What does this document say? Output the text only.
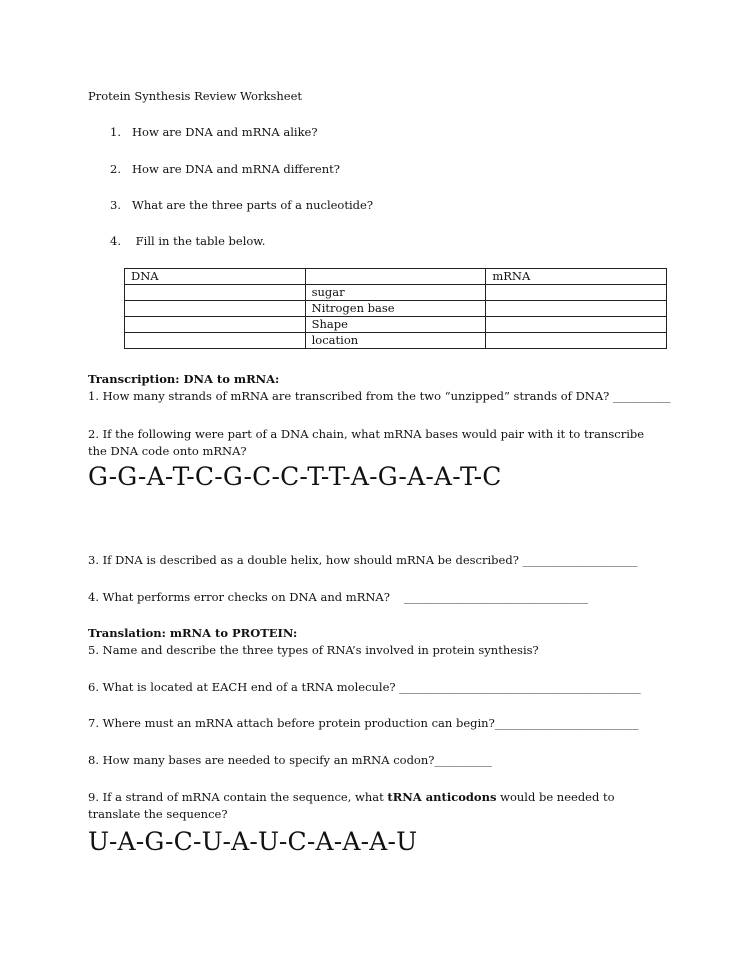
Protein Synthesis Review Worksheet
1. How are DNA and mRNA alike?
2. How are DNA and mRNA different?
3. What are the three parts of a nucleotide?
4. Fill in the table below.
DNA		mRNA
	sugar	
	Nitrogen base	
	Shape	
	location	
Transcription: DNA to mRNA:
1. How many strands of mRNA are transcribed from the two “unzipped” strands of DNA? __________
2. If the following were part of a DNA chain, what mRNA bases would pair with it to transcribe the DNA code onto mRNA?
G-G-A-T-C-G-C-C-T-T-A-G-A-A-T-C
3. If DNA is described as a double helix, how should mRNA be described? ____________________
4. What performs error checks on DNA and mRNA? ________________________________
Translation: mRNA to PROTEIN:
5. Name and describe the three types of RNA’s involved in protein synthesis?
6. What is located at EACH end of a tRNA molecule? __________________________________________
7. Where must an mRNA attach before protein production can begin?_________________________
8. How many bases are needed to specify an mRNA codon?__________
9. If a strand of mRNA contain the sequence, what tRNA anticodons would be needed to translate the sequence?
U-A-G-C-U-A-U-C-A-A-A-U
